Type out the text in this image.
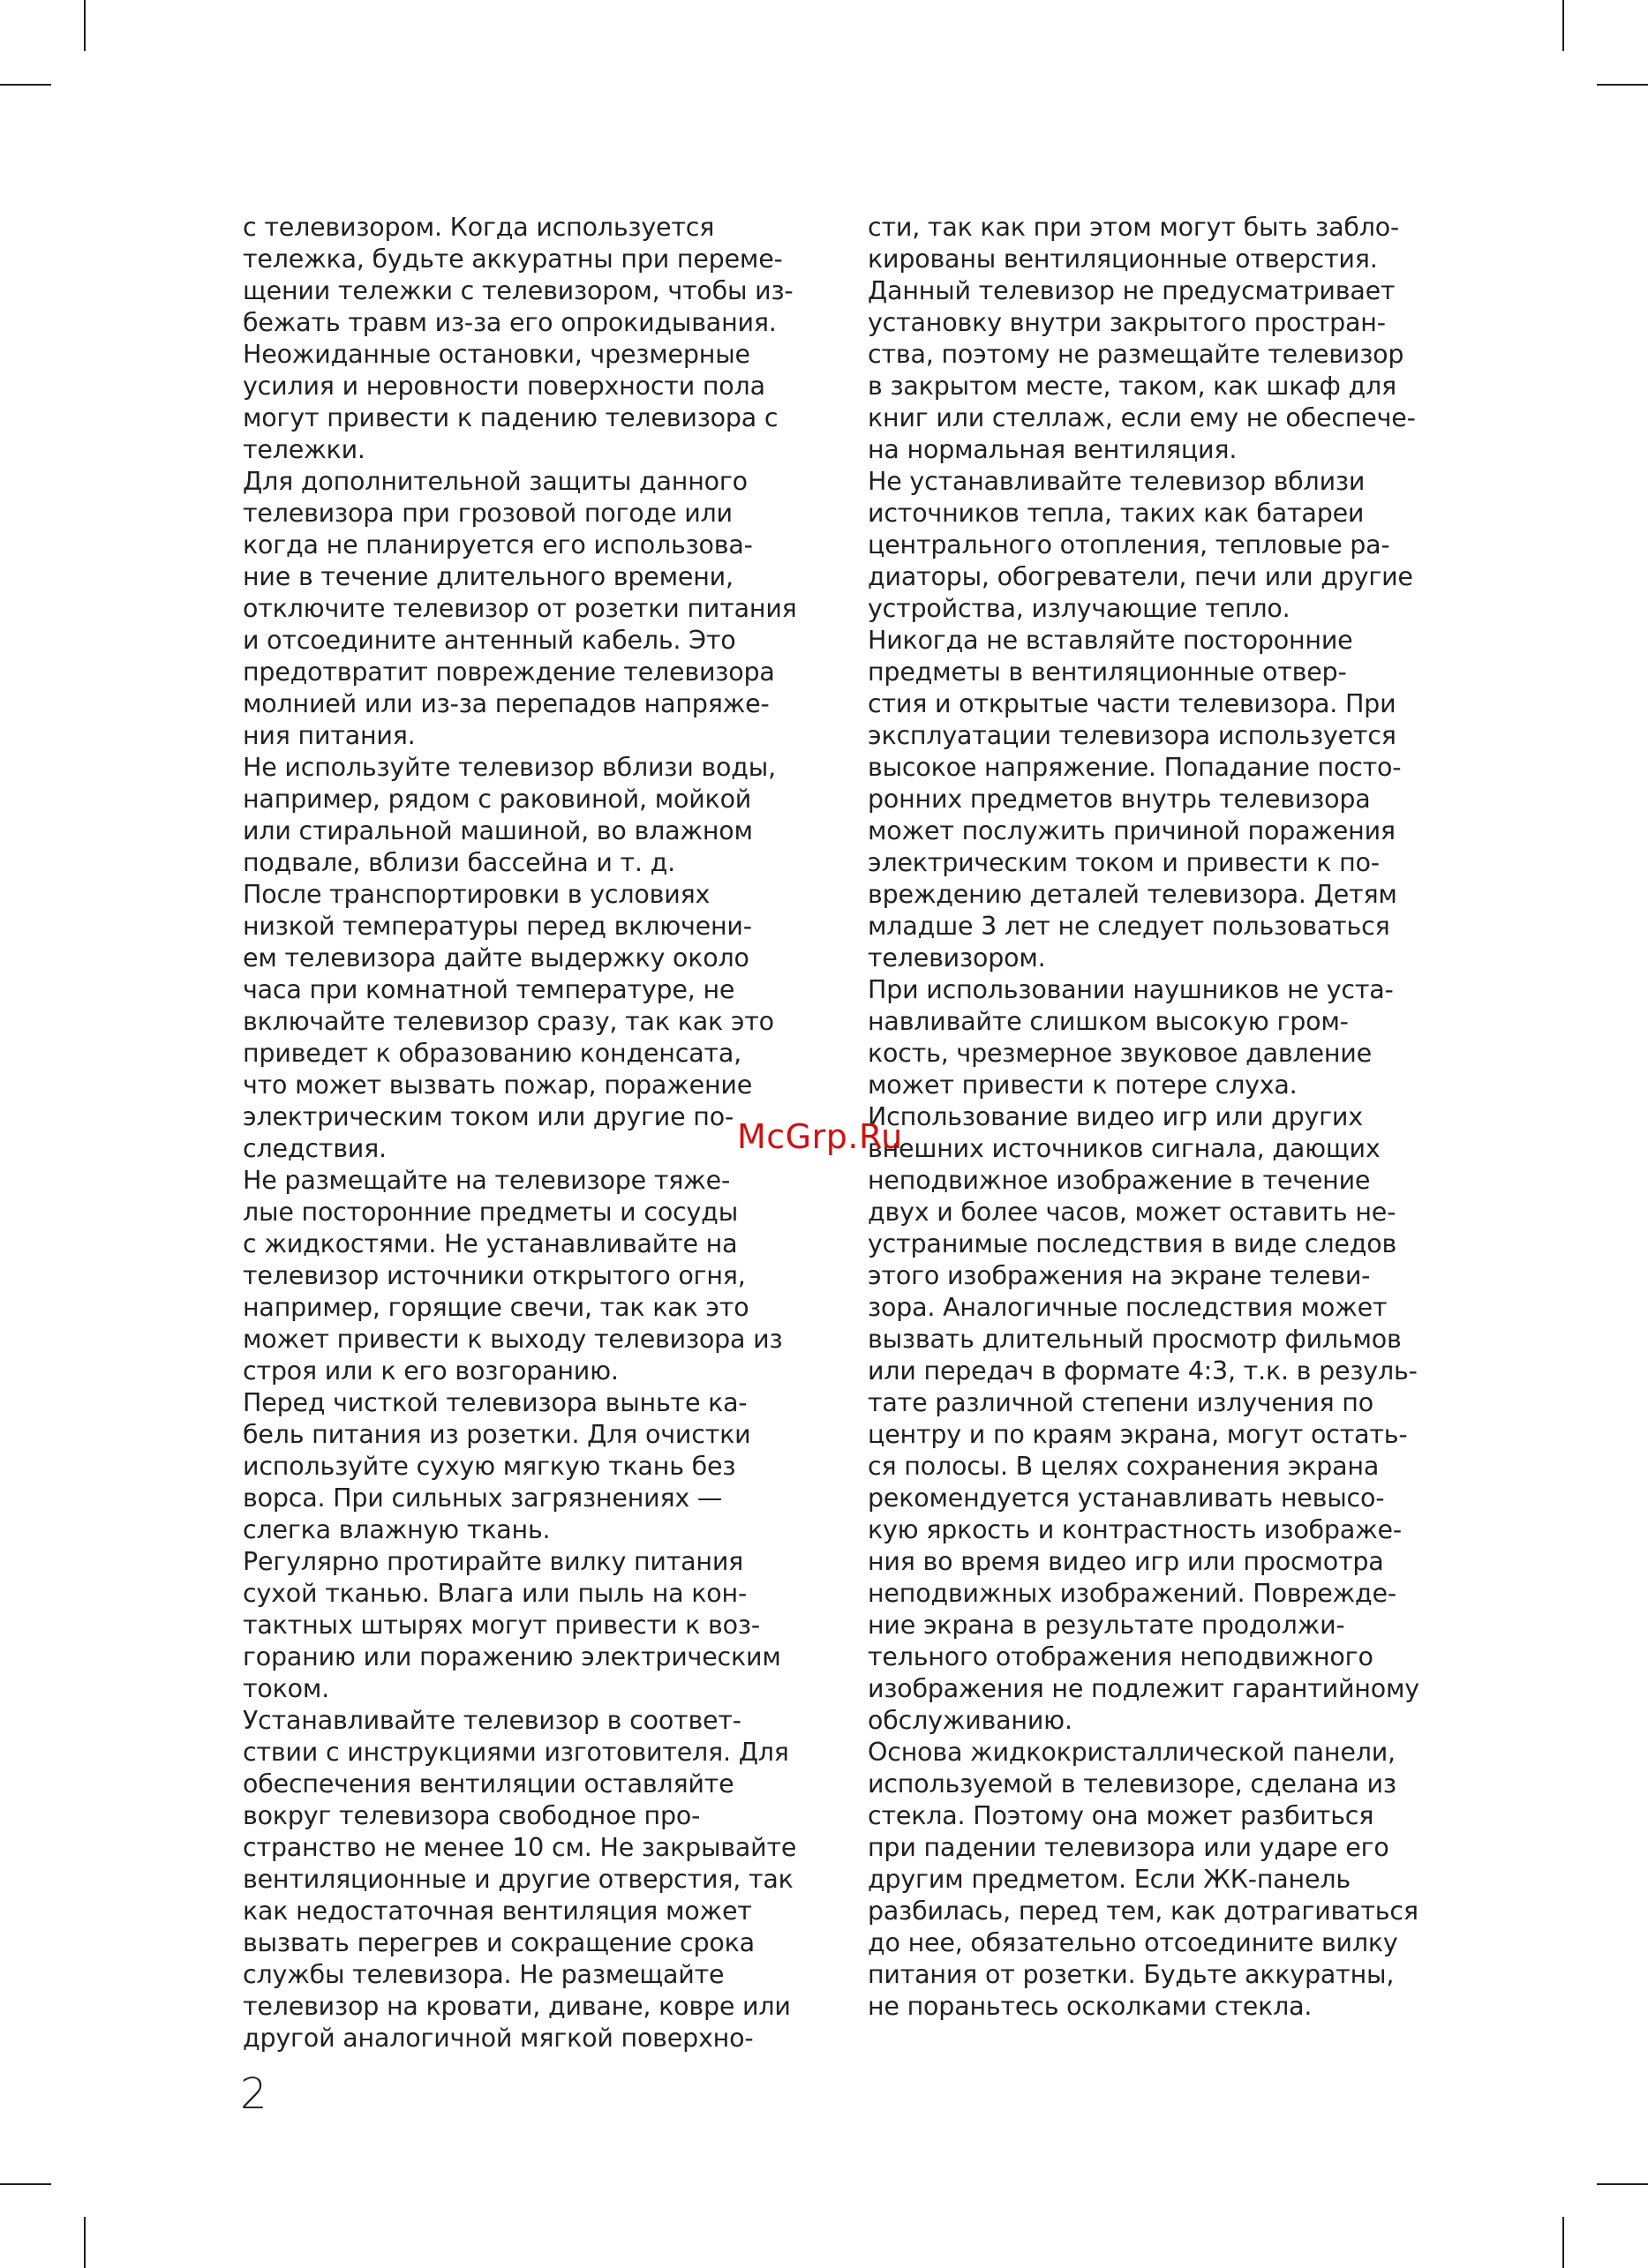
с телевизором. Когда используется
тележка, будьте аккуратны при переме-
щении тележки с телевизором, чтобы из-
бежать травм из-за его опрокидывания.
Неожиданные остановки, чрезмерные
усилия и неровности поверхности пола
могут привести к падению телевизора с
тележки.
Для дополнительной защиты данного
телевизора при грозовой погоде или
когда не планируется его использова-
ние в течение длительного времени,
отключите телевизор от розетки питания
и отсоедините антенный кабель. Это
предотвратит повреждение телевизора
молнией или из-за перепадов напряже-
ния питания.
Не используйте телевизор вблизи воды,
например, рядом с раковиной, мойкой
или стиральной машиной, во влажном
подвале, вблизи бассейна и т. д.
После транспортировки в условиях
низкой температуры перед включени-
ем телевизора дайте выдержку около
часа при комнатной температуре, не
включайте телевизор сразу, так как это
приведет к образованию конденсата,
что может вызвать пожар, поражение
электрическим током или другие по-
следствия.
Не размещайте на телевизоре тяже-
лые посторонние предметы и сосуды
с жидкостями. Не устанавливайте на
телевизор источники открытого огня,
например, горящие свечи, так как это
может привести к выходу телевизора из
строя или к его возгоранию.
Перед чисткой телевизора выньте ка-
бель питания из розетки. Для очистки
используйте сухую мягкую ткань без
ворса. При сильных загрязнениях —
слегка влажную ткань.
Регулярно протирайте вилку питания
сухой тканью. Влага или пыль на кон-
тактных штырях могут привести к воз-
горанию или поражению электрическим
током.
Устанавливайте телевизор в соответ-
ствии с инструкциями изготовителя. Для
обеспечения вентиляции оставляйте
вокруг телевизора свободное про-
странство не менее 10 см. Не закрывайте
вентиляционные и другие отверстия, так
как недостаточная вентиляция может
вызвать перегрев и сокращение срока
службы телевизора. Не размещайте
телевизор на кровати, диване, ковре или
другой аналогичной мягкой поверхно-
сти, так как при этом могут быть забло-
кированы вентиляционные отверстия.
Данный телевизор не предусматривает
установку внутри закрытого простран-
ства, поэтому не размещайте телевизор
в закрытом месте, таком, как шкаф для
книг или стеллаж, если ему не обеспече-
на нормальная вентиляция.
Не устанавливайте телевизор вблизи
источников тепла, таких как батареи
центрального отопления, тепловые ра-
диаторы, обогреватели, печи или другие
устройства, излучающие тепло.
Никогда не вставляйте посторонние
предметы в вентиляционные отвер-
стия и открытые части телевизора. При
эксплуатации телевизора используется
высокое напряжение. Попадание посто-
ронних предметов внутрь телевизора
может послужить причиной поражения
электрическим током и привести к по-
вреждению деталей телевизора. Детям
младше 3 лет не следует пользоваться
телевизором.
При использовании наушников не уста-
навливайте слишком высокую гром-
кость, чрезмерное звуковое давление
может привести к потере слуха.
Использование видео игр или других
внешних источников сигнала, дающих
неподвижное изображение в течение
двух и более часов, может оставить не-
устранимые последствия в виде следов
этого изображения на экране телеви-
зора. Аналогичные последствия может
вызвать длительный просмотр фильмов
или передач в формате 4:3, т.к. в резуль-
тате различной степени излучения по
центру и по краям экрана, могут остать-
ся полосы. В целях сохранения экрана
рекомендуется устанавливать невысо-
кую яркость и контрастность изображе-
ния во время видео игр или просмотра
неподвижных изображений. Поврежде-
ние экрана в результате продолжи-
тельного отображения неподвижного
изображения не подлежит гарантийному
обслуживанию.
Основа жидкокристаллической панели,
используемой в телевизоре, сделана из
стекла. Поэтому она может разбиться
при падении телевизора или ударе его
другим предметом. Если ЖК-панель
разбилась, перед тем, как дотрагиваться
до нее, обязательно отсоедините вилку
питания от розетки. Будьте аккуратны,
не пораньтесь осколками стекла.
McGrp.Ru
2
